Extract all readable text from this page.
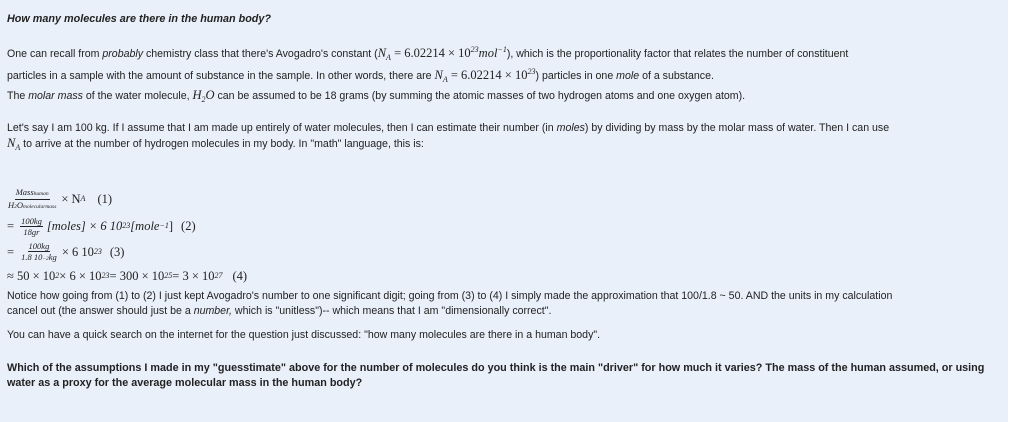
How many molecules are there in the human body?

One can recall from probably chemistry class that there's Avogadro's constant $(N_A = 6.02214 \times 10^{23}mol^{-1})$, which is the proportionality factor that relates the number of constituent
particles in a sample with the amount of substance in the sample. In other words, there are $N_A = 6.02214 \times 10^{23}$) particles in one mole of a substance.
The molar mass of the water molecule, $H_2O$ can be assumed to be 18 grams (by summing the atomic masses of two hydrogen atoms and one oxygen atom).

Let's say I am 100 kg. If I assume that I am made up entirely of water molecules, then I can estimate their number (in moles) by dividing by mass by the molar mass of water. Then I can use
$N_A$ to arrive at the number of hydrogen molecules in my body. In "math" language, this is:

$\frac{\text{Masshuman}}{\text{H2Omolecularmass}} \times N$ A (1)
= $\frac{100kg}{18gr}$ [moles] × 6 10 23 [mole −1 ] (2)
= $\frac{100kg}{1.8 10-2kg} \times 6$ 10 23 (3)
≈ 50 × 10 2 × 6 × 10 23 = 300 × 10 25 = 3 × 10 27 (4)

Notice how going from (1) to (2) I just kept Avogadro's number to one significant digit; going from (3) to (4) I simply made the approximation that 100/1.8 ~ 50. AND the units in my calculation
cancel out (the answer should just be a number, which is "unitless")-- which means that I am "dimensionally correct".

You can have a quick search on the internet for the question just discussed: "how many molecules are there in a human body".

Which of the assumptions I made in my "guesstimate" above for the number of molecules do you think is the main "driver" for how much it varies? The mass of the human assumed, or using water as a proxy for the average molecular mass in the human body?
